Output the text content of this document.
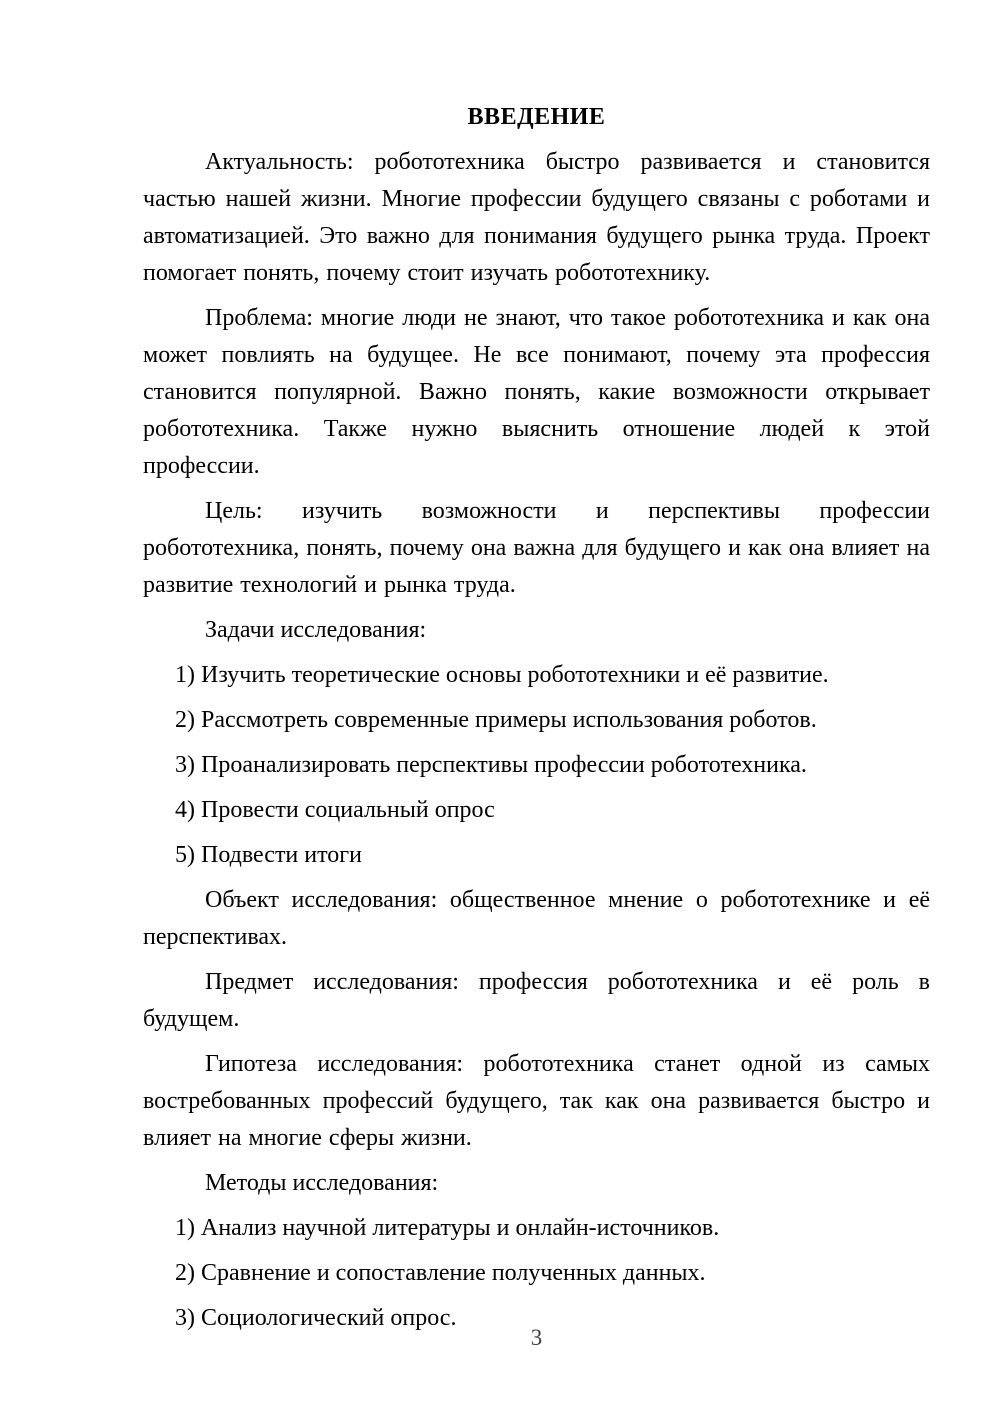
ВВЕДЕНИЕ

Актуальность: робототехника быстро развивается и становится частью нашей жизни. Многие профессии будущего связаны с роботами и автоматизацией. Это важно для понимания будущего рынка труда. Проект помогает понять, почему стоит изучать робототехнику.

Проблема: многие люди не знают, что такое робототехника и как она может повлиять на будущее. Не все понимают, почему эта профессия становится популярной. Важно понять, какие возможности открывает робототехника. Также нужно выяснить отношение людей к этой профессии.

Цель: изучить возможности и перспективы профессии робототехника, понять, почему она важна для будущего и как она влияет на развитие технологий и рынка труда.

Задачи исследования:

1) Изучить теоретические основы робототехники и её развитие.

2) Рассмотреть современные примеры использования роботов.

3) Проанализировать перспективы профессии робототехника.

4) Провести социальный опрос

5) Подвести итоги

Объект исследования: общественное мнение о робототехнике и её перспективах.

Предмет исследования: профессия робототехника и её роль в будущем.

Гипотеза исследования: робототехника станет одной из самых востребованных профессий будущего, так как она развивается быстро и влияет на многие сферы жизни.

Методы исследования:

1) Анализ научной литературы и онлайн-источников.

2) Сравнение и сопоставление полученных данных.

3) Социологический опрос.

3
